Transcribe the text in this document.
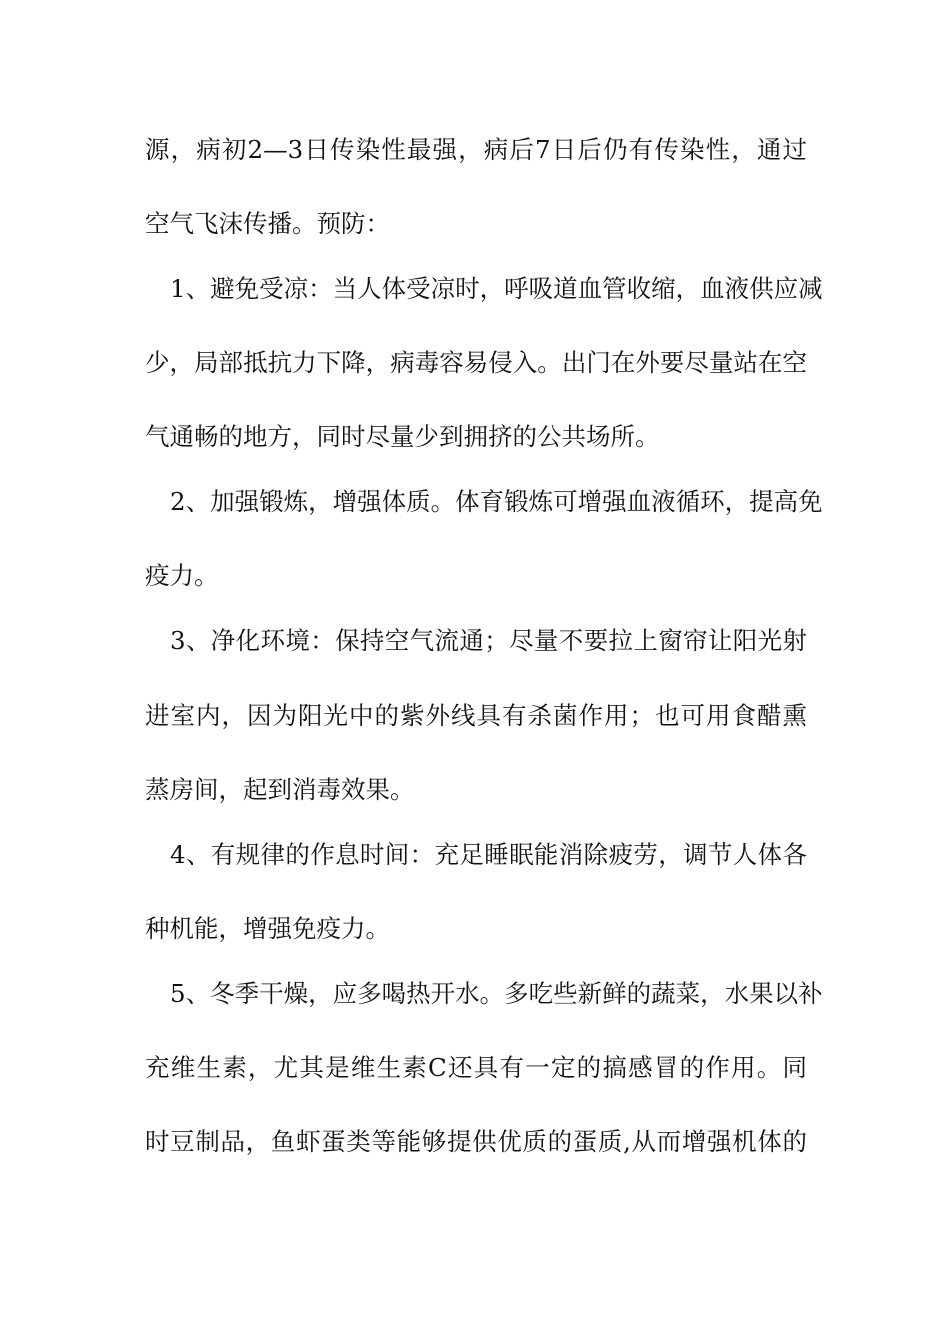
源，病初2—3日传染性最强，病后7日后仍有传染性，通过
空气飞沫传播。预防：
1、避免受凉：当人体受凉时，呼吸道血管收缩，血液供应减
少，局部抵抗力下降，病毒容易侵入。出门在外要尽量站在空
气通畅的地方，同时尽量少到拥挤的公共场所。
2、加强锻炼，增强体质。体育锻炼可增强血液循环，提高免
疫力。
3、净化环境：保持空气流通；尽量不要拉上窗帘让阳光射
进室内，因为阳光中的紫外线具有杀菌作用；也可用食醋熏
蒸房间，起到消毒效果。
4、有规律的作息时间：充足睡眠能消除疲劳，调节人体各
种机能，增强免疫力。
5、冬季干燥，应多喝热开水。多吃些新鲜的蔬菜，水果以补
充维生素，尤其是维生素C还具有一定的搞感冒的作用。同
时豆制品，鱼虾蛋类等能够提供优质的蛋质,从而增强机体的
